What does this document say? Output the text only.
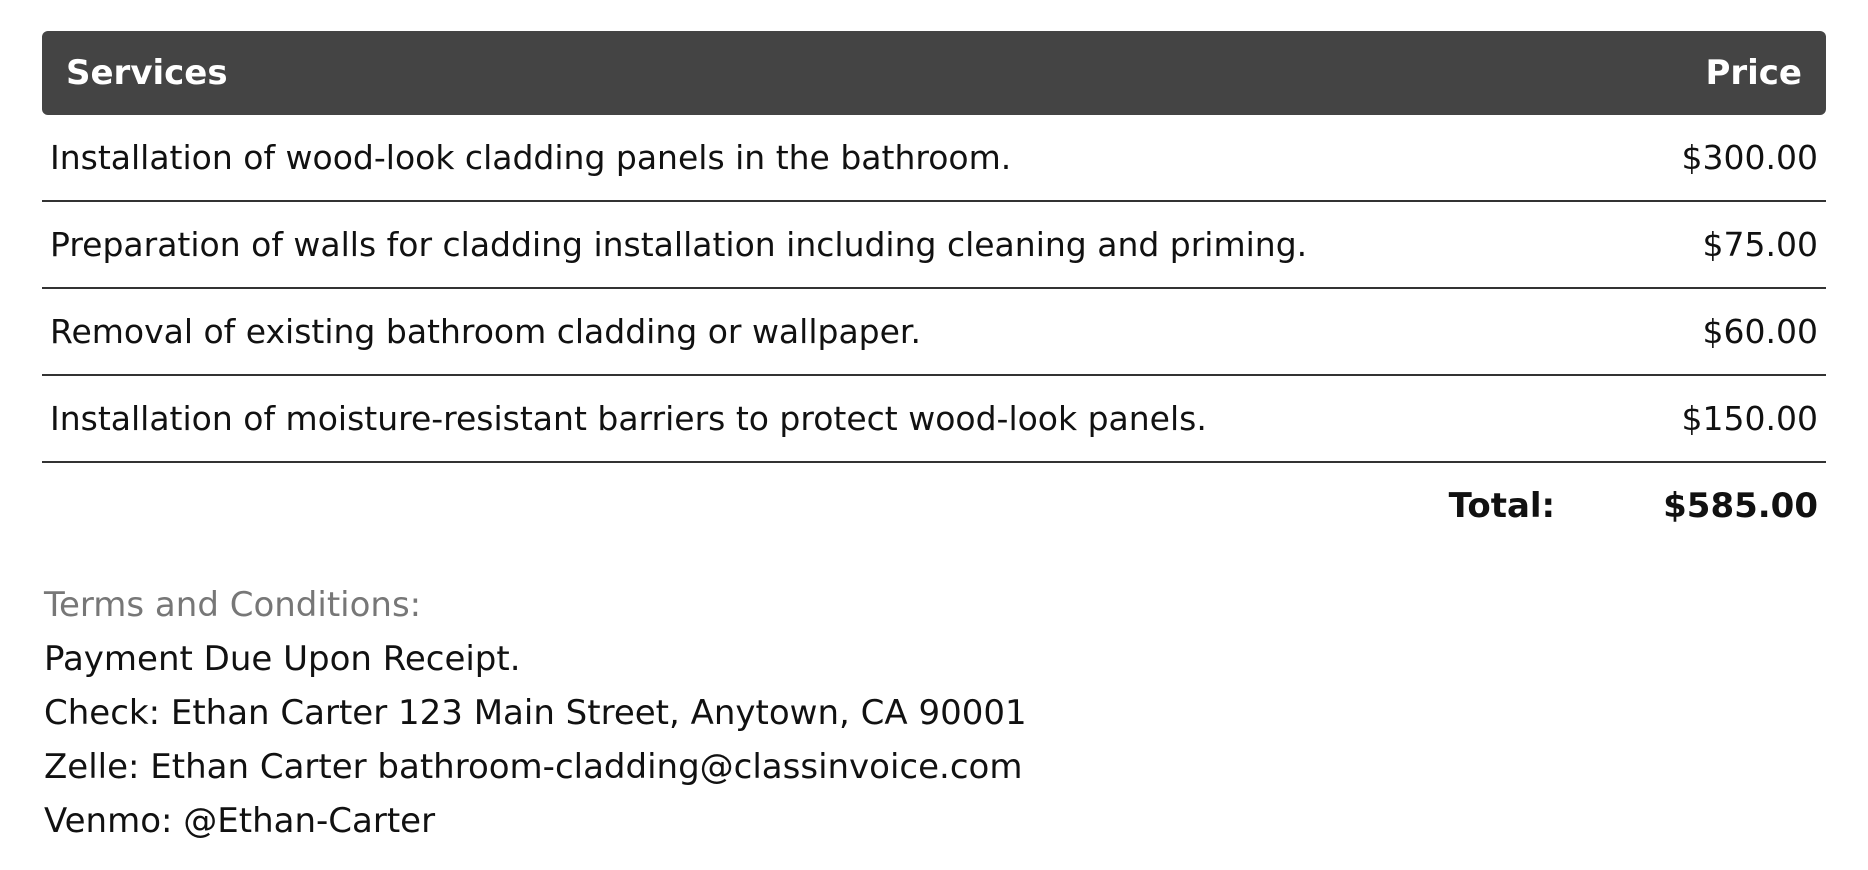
Services	Price
Installation of wood-look cladding panels in the bathroom.	$300.00
Preparation of walls for cladding installation including cleaning and priming.	$75.00
Removal of existing bathroom cladding or wallpaper.	$60.00
Installation of moisture-resistant barriers to protect wood-look panels.	$150.00
Total:	$585.00
Terms and Conditions:
Payment Due Upon Receipt.
Check: Ethan Carter 123 Main Street, Anytown, CA 90001
Zelle: Ethan Carter bathroom-cladding@classinvoice.com
Venmo: @Ethan-Carter
